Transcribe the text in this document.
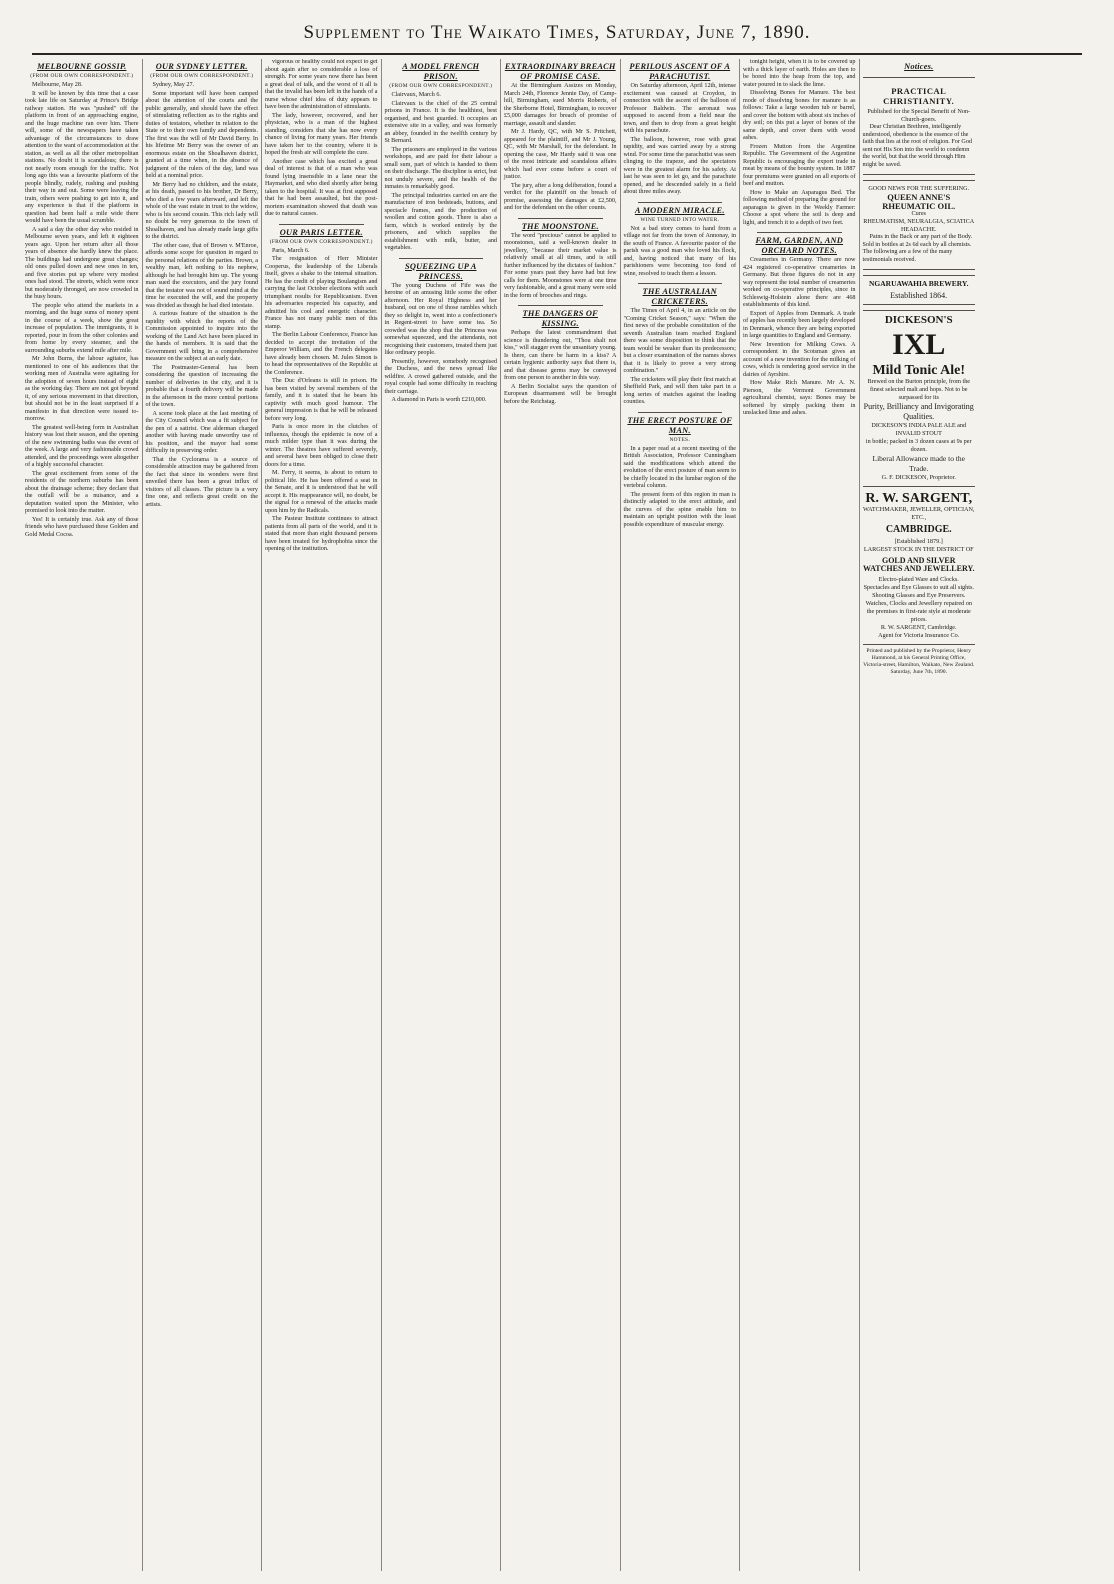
Supplement to The Waikato Times, Saturday, June 7, 1890.
MELBOURNE GOSSIP.
(FROM OUR OWN CORRESPONDENT.)

Melbourne, May 28.

It will be known by this time that a case took late life on Saturday at Prince's Bridge railway station. He was "pushed" off the platform in front of an approaching engine, and the huge machine ran over him. There will, some of the newspapers have taken advantage of the circumstances to draw attention to the want of accommodation at the station, as well as all the other metropolitan stations. No doubt it is scandalous; there is not nearly room enough for the traffic. Not long ago this was a favourite platform of the people blindly, rudely, rushing and pushing their way in and out. Some were leaving the train, others were pushing to get into it, and any experience is that if the platform in question had been half a mile wide there would have been the usual scramble.

A said a day the other day who resided in Melbourne seven years, and left it eighteen years ago. Upon her return after all those years of absence she hardly knew the place. The buildings had undergone great changes; old ones pulled down and new ones in ten, and five stories put up where very modest ones had stood. The streets, which were once but moderately thronged, are now crowded in the busy hours.

The people who attend the markets in a morning, and the huge sums of money spent in the course of a week, show the great increase of population. The immigrants, it is reported, pour in from the other colonies and from home by every steamer, and the surrounding suburbs extend mile after mile.

Mr John Burns, the labour agitator, has mentioned to one of his audiences that the working men of Australia were agitating for the adoption of seven hours instead of eight as the working day. There are not got beyond it, of any serious movement in that direction, but should not be in the least surprised if a manifesto in that direction were issued to-morrow.

The greatest well-being form in Australian history was lost their season, and the opening of the new swimming baths was the event of the week. A large and very fashionable crowd attended, and the proceedings were altogether of a highly successful character.

The great excitement from some of the residents of the northern suburbs has been about the drainage scheme; they declare that the outfall will be a nuisance, and a deputation waited upon the Minister, who promised to look into the matter.

Yes! It is certainly true. Ask any of those friends who have purchased these Golden and Gold Medal Cocoa.

OUR SYDNEY LETTER.
(FROM OUR OWN CORRESPONDENT.)

Sydney, May 27.

Some important will have been camped about the attention of the courts and the public generally, and should have the effect of stimulating reflection as to the rights and duties of testators, whether in relation to the State or to their own family and dependents. The first was the will of Mr David Berry. In his lifetime Mr Berry was the owner of an enormous estate on the Shoalhaven district, granted at a time when, in the absence of judgment of the rulers of the day, land was held at a nominal price.

Mr Berry had no children, and the estate, at his death, passed to his brother, Dr Berry, who died a few years afterward, and left the whole of the vast estate in trust to the widow, who is his second cousin. This rich lady will no doubt be very generous to the town of Shoalhaven, and has already made large gifts to the district.

The other case, that of Brown v. M'Enroe, affords some scope for question in regard to the personal relations of the parties. Brown, a wealthy man, left nothing to his nephew, although he had brought him up. The young man sued the executors, and the jury found that the testator was not of sound mind at the time he executed the will, and the property was divided as though he had died intestate.

A curious feature of the situation is the rapidity with which the reports of the Commission appointed to inquire into the working of the Land Act have been placed in the hands of members. It is said that the Government will bring in a comprehensive measure on the subject at an early date.

The Postmaster-General has been considering the question of increasing the number of deliveries in the city, and it is probable that a fourth delivery will be made in the afternoon in the more central portions of the town.

A scene took place at the last meeting of the City Council which was a fit subject for the pen of a satirist. One alderman charged another with having made unworthy use of his position, and the mayor had some difficulty in preserving order.

That the Cyclorama is a source of considerable attraction may be gathered from the fact that since its wonders were first unveiled there has been a great influx of visitors of all classes. The picture is a very fine one, and reflects great credit on the artists.

vigorous or healthy could not expect to get about again after so considerable a loss of strength. For some years now there has been a great deal of talk, and the worst of it all is that the invalid has been left in the hands of a nurse whose chief idea of duty appears to have been the administration of stimulants.

The lady, however, recovered, and her physician, who is a man of the highest standing, considers that she has now every chance of living for many years. Her friends have taken her to the country, where it is hoped the fresh air will complete the cure.

Another case which has excited a great deal of interest is that of a man who was found lying insensible in a lane near the Haymarket, and who died shortly after being taken to the hospital. It was at first supposed that he had been assaulted, but the post-mortem examination showed that death was due to natural causes.

OUR PARIS LETTER.
(FROM OUR OWN CORRESPONDENT.)

Paris, March 6.

The resignation of Herr Minister Cooperus, the leadership of the Liberals itself, gives a shake to the internal situation. He has the credit of playing Boulangism and carrying the last October elections with such triumphant results for Republicanism. Even his adversaries respected his capacity, and admitted his cool and energetic character. France has not many public men of this stamp.

The Berlin Labour Conference, France has decided to accept the invitation of the Emperor William, and the French delegates have already been chosen. M. Jules Simon is to head the representatives of the Republic at the Conference.

The Duc d'Orleans is still in prison. He has been visited by several members of the family, and it is stated that he bears his captivity with much good humour. The general impression is that he will be released before very long.

Paris is once more in the clutches of influenza, though the epidemic is now of a much milder type than it was during the winter. The theatres have suffered severely, and several have been obliged to close their doors for a time.

M. Ferry, it seems, is about to return to political life. He has been offered a seat in the Senate, and it is understood that he will accept it. His reappearance will, no doubt, be the signal for a renewal of the attacks made upon him by the Radicals.

The Pasteur Institute continues to attract patients from all parts of the world, and it is stated that more than eight thousand persons have been treated for hydrophobia since the opening of the institution.

A MODEL FRENCH PRISON.
(FROM OUR OWN CORRESPONDENT.)

Clairvaux, March 6.

Clairvaux is the chief of the 25 central prisons in France. It is the healthiest, best organised, and best guarded. It occupies an extensive site in a valley, and was formerly an abbey, founded in the twelfth century by St Bernard.

The prisoners are employed in the various workshops, and are paid for their labour a small sum, part of which is handed to them on their discharge. The discipline is strict, but not unduly severe, and the health of the inmates is remarkably good.

The principal industries carried on are the manufacture of iron bedsteads, buttons, and spectacle frames, and the production of woollen and cotton goods. There is also a farm, which is worked entirely by the prisoners, and which supplies the establishment with milk, butter, and vegetables.

SQUEEZING UP A PRINCESS.

The young Duchess of Fife was the heroine of an amusing little scene the other afternoon. Her Royal Highness and her husband, out on one of those rambles which they so delight in, went into a confectioner's in Regent-street to have some tea. So crowded was the shop that the Princess was somewhat squeezed, and the attendants, not recognising their customers, treated them just like ordinary people.

Presently, however, somebody recognised the Duchess, and the news spread like wildfire. A crowd gathered outside, and the royal couple had some difficulty in reaching their carriage.

A diamond in Paris is worth £210,000.

EXTRAORDINARY BREACH OF PROMISE CASE.

At the Birmingham Assizes on Monday, March 24th, Florence Jennie Day, of Camp-hill, Birmingham, sued Morris Roberts, of the Sherborne Hotel, Birmingham, to recover £5,000 damages for breach of promise of marriage, assault and slander.

Mr J. Hardy, QC, with Mr S. Pritchett, appeared for the plaintiff, and Mr J. Young, QC, with Mr Marshall, for the defendant. In opening the case, Mr Hardy said it was one of the most intricate and scandalous affairs which had ever come before a court of justice.

The jury, after a long deliberation, found a verdict for the plaintiff on the breach of promise, assessing the damages at £2,500, and for the defendant on the other counts.

THE MOONSTONE.

The word "precious" cannot be applied to moonstones, said a well-known dealer in jewellery, "because their market value is relatively small at all times, and is still further influenced by the dictates of fashion." For some years past they have had but few calls for them. Moonstones were at one time very fashionable, and a great many were sold in the form of brooches and rings.

THE DANGERS OF KISSING.

Perhaps the latest commandment that science is thundering out, "Thou shalt not kiss," will stagger even the unsanitary young. Is there, can there be harm in a kiss? A certain hygienic authority says that there is, and that disease germs may be conveyed from one person to another in this way.

A Berlin Socialist says the question of European disarmament will be brought before the Reichstag.

PERILOUS ASCENT OF A PARACHUTIST.

On Saturday afternoon, April 12th, intense excitement was caused at Croydon, in connection with the ascent of the balloon of Professor Baldwin. The aeronaut was supposed to ascend from a field near the town, and then to drop from a great height with his parachute.

The balloon, however, rose with great rapidity, and was carried away by a strong wind. For some time the parachutist was seen clinging to the trapeze, and the spectators were in the greatest alarm for his safety. At last he was seen to let go, and the parachute opened, and he descended safely in a field about three miles away.

A MODERN MIRACLE.
WINE TURNED INTO WATER.

Not a bad story comes to hand from a village not far from the town of Annonay, in the south of France. A favourite pastor of the parish was a good man who loved his flock, and, having noticed that many of his parishioners were becoming too fond of wine, resolved to teach them a lesson.

THE AUSTRALIAN CRICKETERS.

The Times of April 4, in an article on the "Coming Cricket Season," says: "When the first news of the probable constitution of the seventh Australian team reached England there was some disposition to think that the team would be weaker than its predecessors; but a closer examination of the names shows that it is likely to prove a very strong combination."

The cricketers will play their first match at Sheffield Park, and will then take part in a long series of matches against the leading counties.

THE ERECT POSTURE OF MAN.
NOTES.

In a paper read at a recent meeting of the British Association, Professor Cunningham said the modifications which attend the evolution of the erect posture of man seem to be chiefly located in the lumbar region of the vertebral column.

The present form of this region in man is distinctly adapted to the erect attitude, and the curves of the spine enable him to maintain an upright position with the least possible expenditure of muscular energy.

tonight height, when it is to be covered up with a thick layer of earth. Holes are then to be bored into the heap from the top, and water poured in to slack the lime.

Dissolving Bones for Manure. The best mode of dissolving bones for manure is as follows: Take a large wooden tub or barrel, and cover the bottom with about six inches of dry soil; on this put a layer of bones of the same depth, and cover them with wood ashes.

Frozen Mutton from the Argentine Republic. The Government of the Argentine Republic is encouraging the export trade in meat by means of the bounty system. In 1887 four premiums were granted on all exports of beef and mutton.

How to Make an Asparagus Bed. The following method of preparing the ground for asparagus is given in the Weekly Farmer: Choose a spot where the soil is deep and light, and trench it to a depth of two feet.

FARM, GARDEN, AND ORCHARD NOTES.

Creameries in Germany. There are now 424 registered co-operative creameries in Germany. But those figures do not in any way represent the total number of creameries worked on co-operative principles, since in Schleswig-Holstein alone there are 468 establishments of this kind.

Export of Apples from Denmark. A trade of apples has recently been largely developed in Denmark, whence they are being exported in large quantities to England and Germany.

New Invention for Milking Cows. A correspondent in the Scotsman gives an account of a new invention for the milking of cows, which is rendering good service in the dairies of Ayrshire.

How Make Rich Manure. Mr A. N. Pierson, the Vermont Government agricultural chemist, says: Bones may be softened by simply packing them in unslacked lime and ashes.

Notices.
PRACTICAL CHRISTIANITY.
Published for the Special Benefit of Non-Church-goers.

Dear Christian Brethren, intelligently understood, obedience is the essence of the faith that lies at the root of religion. For God sent not His Son into the world to condemn the world, but that the world through Him might be saved.

GOOD NEWS FOR THE SUFFERING.
QUEEN ANNE'S RHEUMATIC OIL.
Cures
RHEUMATISM, NEURALGIA, SCIATICA HEADACHE.

Pains in the Back or any part of the Body. Sold in bottles at 2s 6d each by all chemists. The following are a few of the many testimonials received.

NGARUAWAHIA BREWERY.
Established 1864.
DICKESON'S
IXL
Mild Tonic Ale!
Brewed on the Burton principle, from the finest selected malt and hops. Not to be surpassed for its
Purity, Brilliancy and Invigorating Qualities.
DICKESON'S INDIA PALE ALE and INVALID STOUT
in bottle; packed in 3 dozen cases at 9s per dozen.
Liberal Allowance made to the Trade.
G. F. DICKESON, Proprietor.
R. W. SARGENT,
WATCHMAKER, JEWELLER, OPTICIAN, ETC.,
CAMBRIDGE.
[Established 1879.]
LARGEST STOCK IN THE DISTRICT OF
GOLD AND SILVER WATCHES AND JEWELLERY.
Electro-plated Ware and Clocks.
Spectacles and Eye Glasses to suit all sights.
Shooting Glasses and Eye Preservers.
Watches, Clocks and Jewellery repaired on the premises in first-rate style at moderate prices.
R. W. SARGENT, Cambridge.
Agent for Victoria Insurance Co.
Printed and published by the Proprietor, Henry Hammond, at his General Printing Office, Victoria-street, Hamilton, Waikato, New Zealand. Saturday, June 7th, 1890.
